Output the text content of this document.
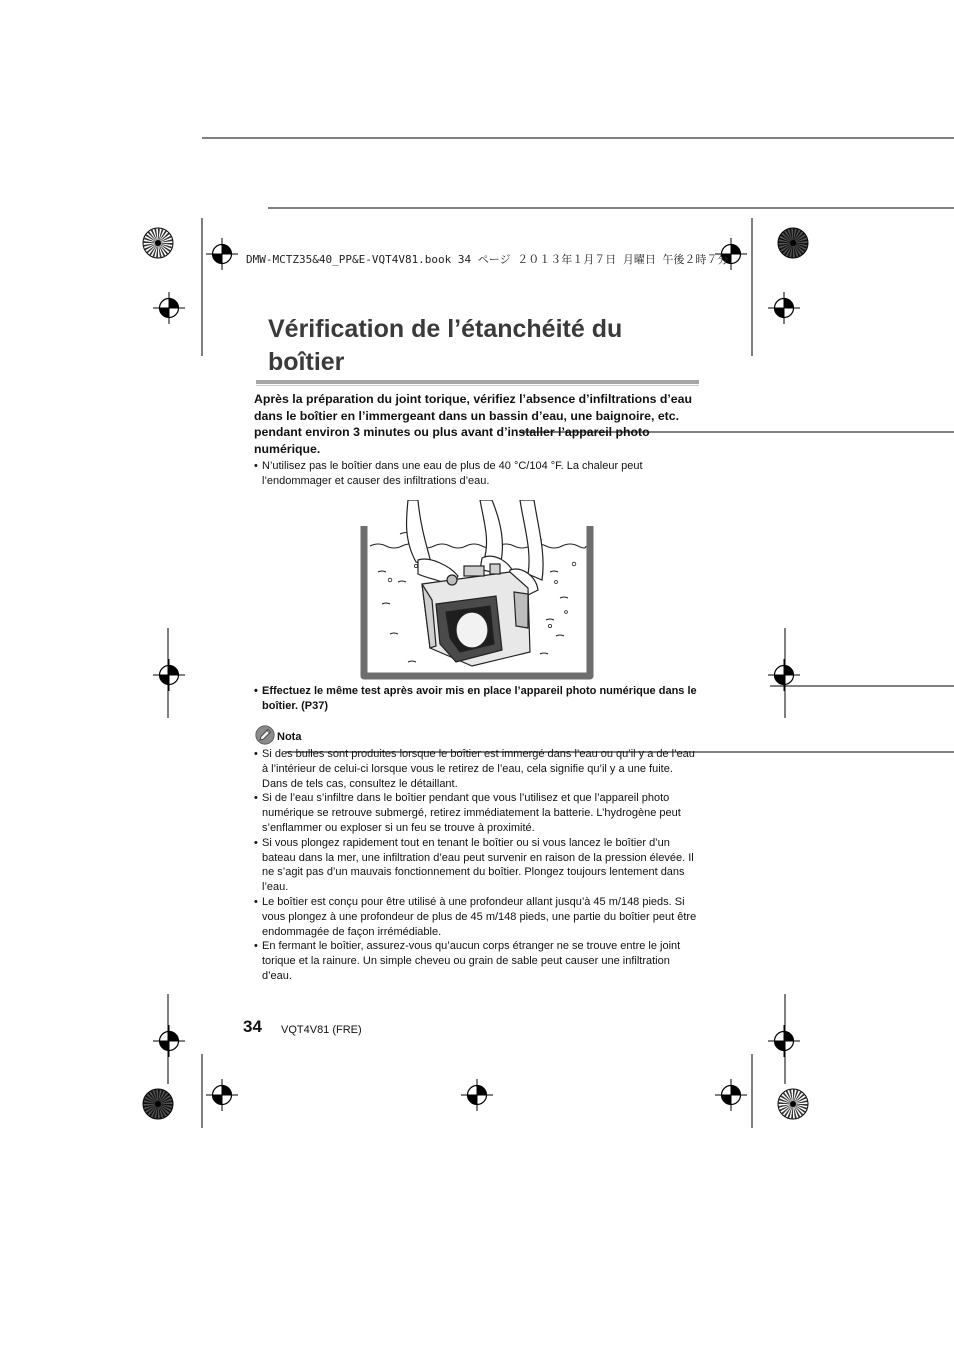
DMW-MCTZ35&40_PP&E-VQT4V81.book 34 ページ ２０１３年１月７日 月曜日 午後２時７分
Vérification de l’étanchéité du boîtier
Après la préparation du joint torique, vérifiez l’absence d’infiltrations d’eau dans le boîtier en l’immergeant dans un bassin d’eau, une baignoire, etc. pendant environ 3 minutes ou plus avant d’installer l’appareil photo numérique.
• N’utilisez pas le boîtier dans une eau de plus de 40 °C/104 °F. La chaleur peut l’endommager et causer des infiltrations d’eau.
• Effectuez le même test après avoir mis en place l’appareil photo numérique dans le boîtier. (P37)
Nota
• Si des bulles sont produites lorsque le boîtier est immergé dans l’eau ou qu’il y a de l’eau à l’intérieur de celui-ci lorsque vous le retirez de l’eau, cela signifie qu’il y a une fuite. Dans de tels cas, consultez le détaillant.
• Si de l’eau s’infiltre dans le boîtier pendant que vous l’utilisez et que l’appareil photo numérique se retrouve submergé, retirez immédiatement la batterie. L’hydrogène peut s’enflammer ou exploser si un feu se trouve à proximité.
• Si vous plongez rapidement tout en tenant le boîtier ou si vous lancez le boîtier d’un bateau dans la mer, une infiltration d’eau peut survenir en raison de la pression élevée. Il ne s’agit pas d’un mauvais fonctionnement du boîtier. Plongez toujours lentement dans l’eau.
• Le boîtier est conçu pour être utilisé à une profondeur allant jusqu’à 45 m/148 pieds. Si vous plongez à une profondeur de plus de 45 m/148 pieds, une partie du boîtier peut être endommagée de façon irrémédiable.
• En fermant le boîtier, assurez-vous qu’aucun corps étranger ne se trouve entre le joint torique et la rainure. Un simple cheveu ou grain de sable peut causer une infiltration d’eau.
34 VQT4V81 (FRE)
